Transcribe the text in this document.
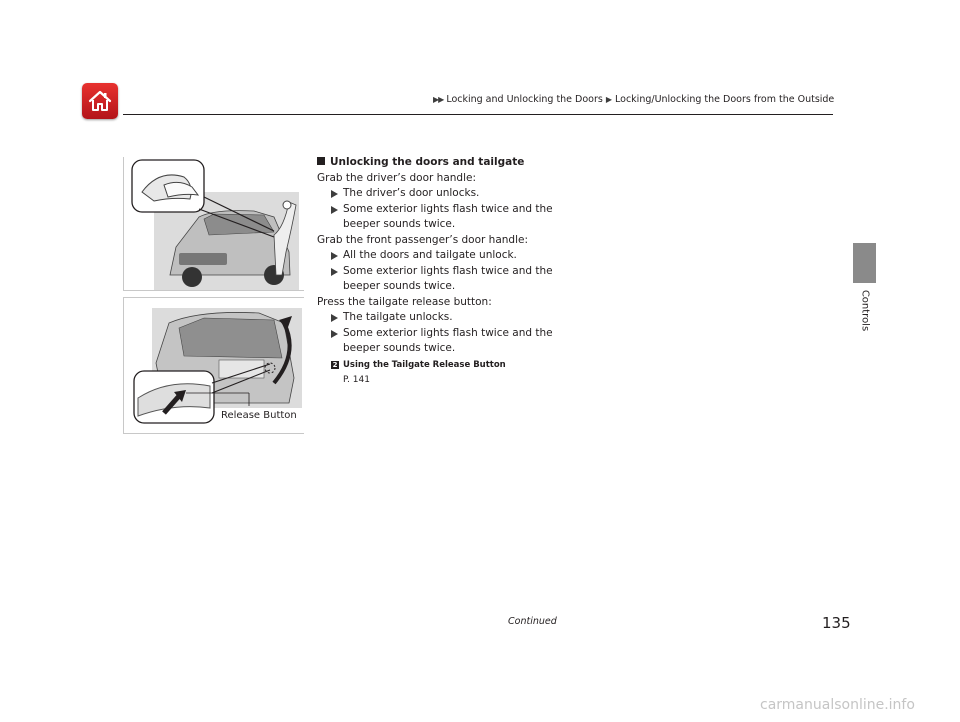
▶▶ Locking and Unlocking the Doors ▶ Locking/Unlocking the Doors from the Outside
Controls
Release Button
Unlocking the doors and tailgate
Grab the driver’s door handle:
The driver’s door unlocks.
Some exterior lights flash twice and the
beeper sounds twice.
Grab the front passenger’s door handle:
All the doors and tailgate unlock.
Some exterior lights flash twice and the
beeper sounds twice.
Press the tailgate release button:
The tailgate unlocks.
Some exterior lights flash twice and the
beeper sounds twice.
2 Using the Tailgate Release Button
P. 141
Continued	135
carmanualsonline.info
